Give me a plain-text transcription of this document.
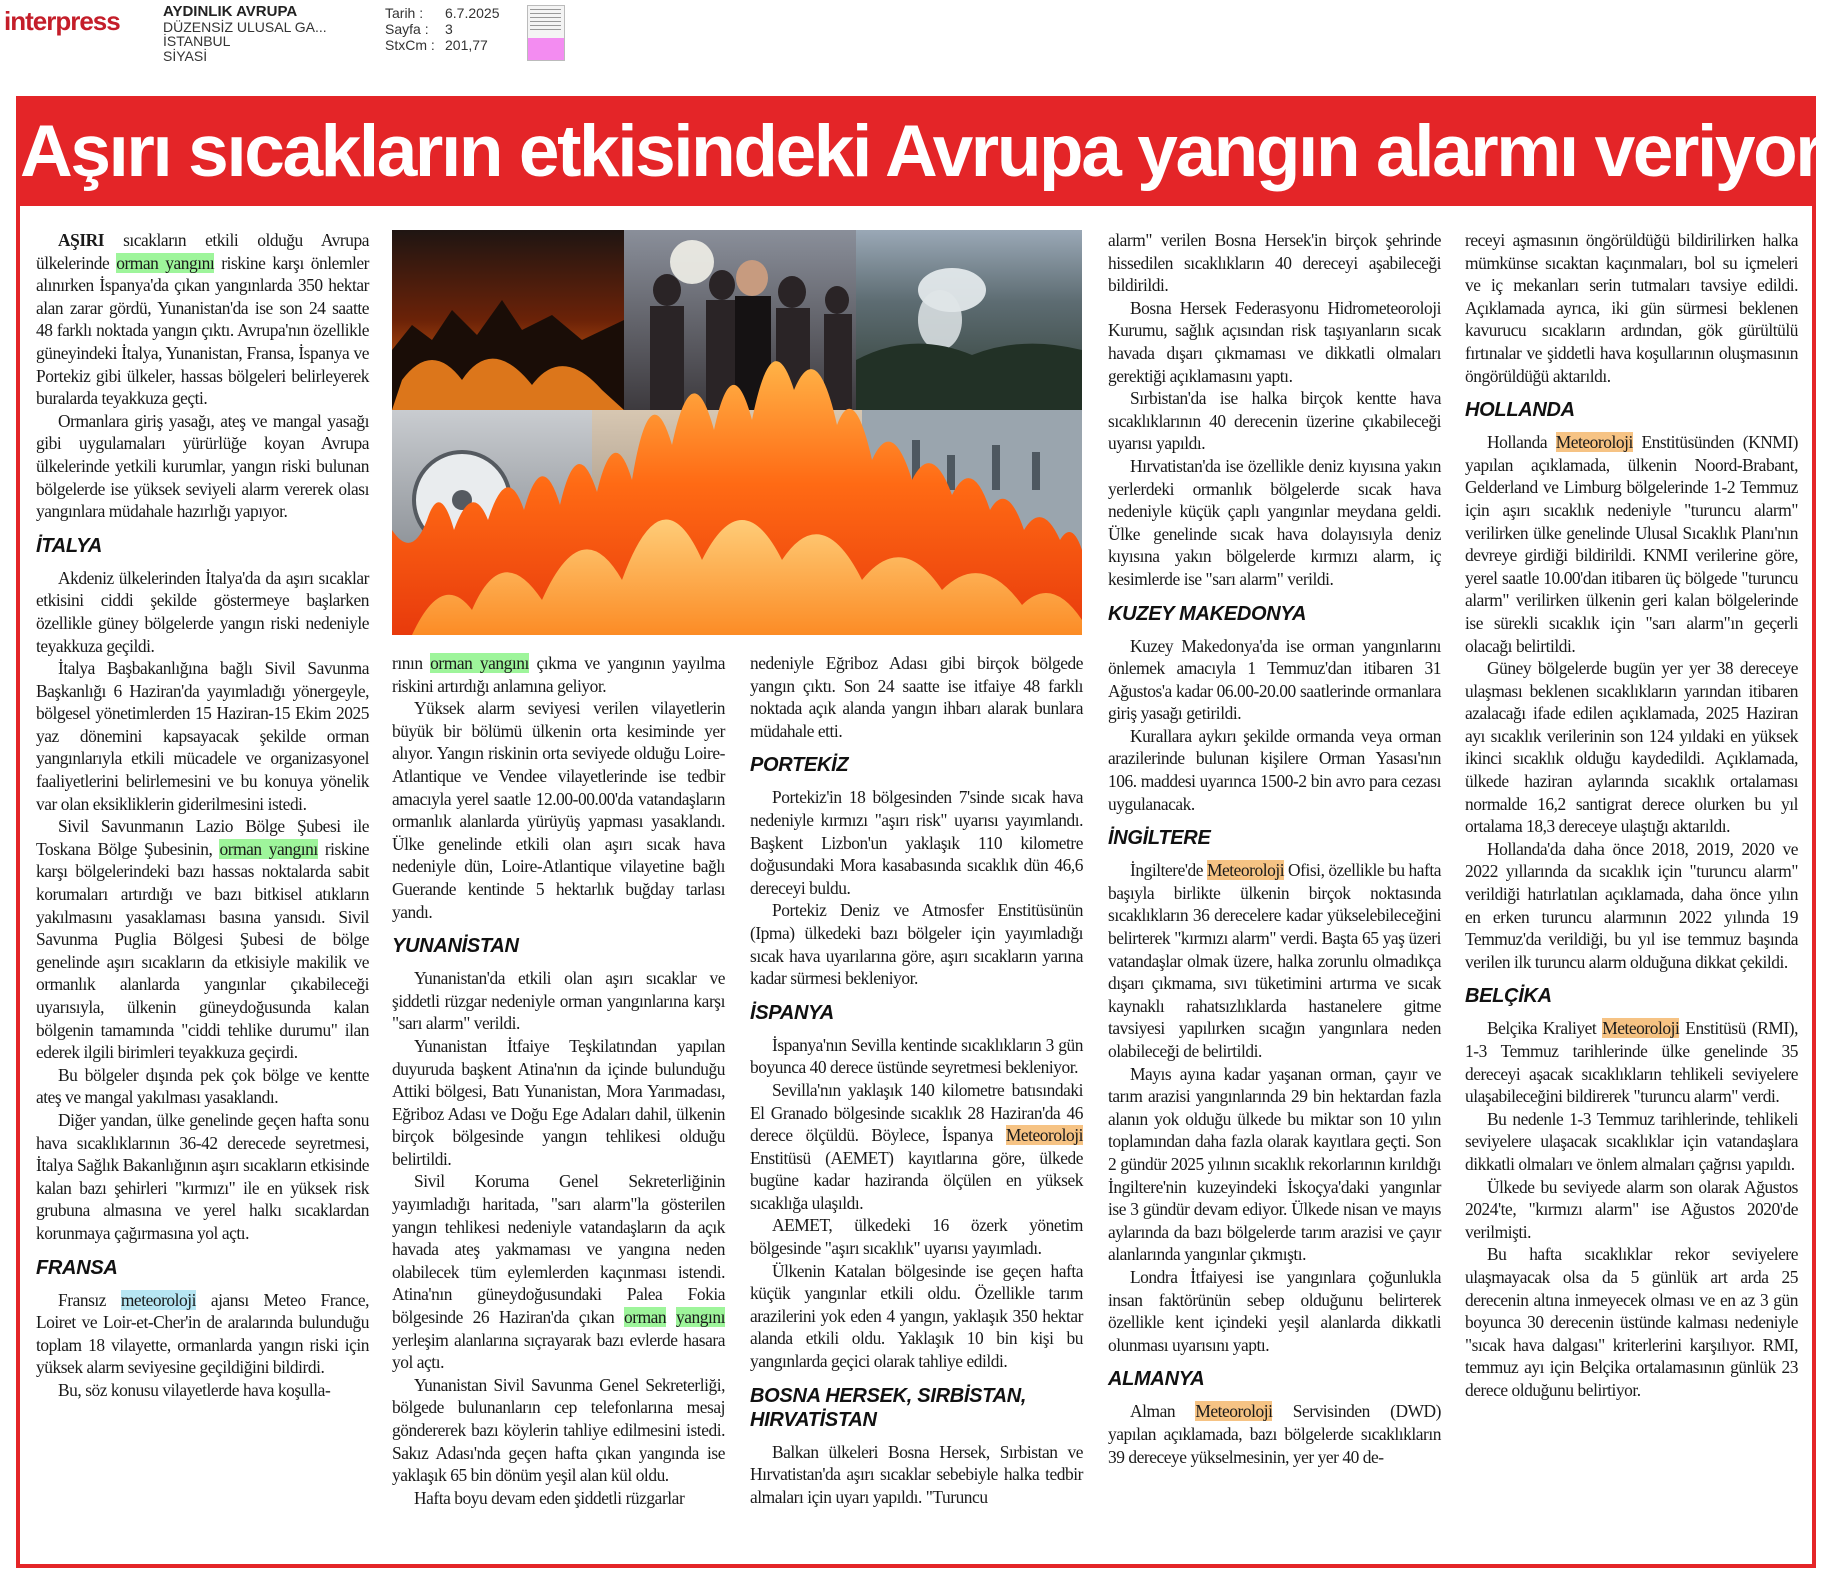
interpress	AYDINLIK AVRUPA
DÜZENSİZ ULUSAL GA...
İSTANBUL
SİYASİ
Tarih : 6.7.2025
Sayfa : 3
StxCm : 201,77
Aşırı sıcakların etkisindeki Avrupa yangın alarmı veriyor

AŞIRI sıcakların etkili olduğu Avrupa ülkelerinde orman yangını riskine karşı önlemler alınırken İspanya'da çıkan yangınlarda 350 hektar alan zarar gördü, Yunanistan'da ise son 24 saatte 48 farklı noktada yangın çıktı. Avrupa'nın özellikle güneyindeki İtalya, Yunanistan, Fransa, İspanya ve Portekiz gibi ülkeler, hassas bölgeleri belirleyerek buralarda teyakkuza geçti.

Ormanlara giriş yasağı, ateş ve mangal yasağı gibi uygulamaları yürürlüğe koyan Avrupa ülkelerinde yetkili kurumlar, yangın riski bulunan bölgelerde ise yüksek seviyeli alarm vererek olası yangınlara müdahale hazırlığı yapıyor.

İTALYA

Akdeniz ülkelerinden İtalya'da da aşırı sıcaklar etkisini ciddi şekilde göstermeye başlarken özellikle güney bölgelerde yangın riski nedeniyle teyakkuza geçildi.

İtalya Başbakanlığına bağlı Sivil Savunma Başkanlığı 6 Haziran'da yayımladığı yönergeyle, bölgesel yönetimlerden 15 Haziran-15 Ekim 2025 yaz dönemini kapsayacak şekilde orman yangınlarıyla etkili mücadele ve organizasyonel faaliyetlerini belirlemesini ve bu konuya yönelik var olan eksikliklerin giderilmesini istedi.

Sivil Savunmanın Lazio Bölge Şubesi ile Toskana Bölge Şubesinin, orman yangını riskine karşı bölgelerindeki bazı hassas noktalarda sabit korumaları artırdığı ve bazı bitkisel atıkların yakılmasını yasaklaması basına yansıdı. Sivil Savunma Puglia Bölgesi Şubesi de bölge genelinde aşırı sıcakların da etkisiyle makilik ve ormanlık alanlarda yangınlar çıkabileceği uyarısıyla, ülkenin güneydoğusunda kalan bölgenin tamamında "ciddi tehlike durumu" ilan ederek ilgili birimleri teyakkuza geçirdi.

Bu bölgeler dışında pek çok bölge ve kentte ateş ve mangal yakılması yasaklandı.

Diğer yandan, ülke genelinde geçen hafta sonu hava sıcaklıklarının 36-42 derecede seyretmesi, İtalya Sağlık Bakanlığının aşırı sıcakların etkisinde kalan bazı şehirleri "kırmızı" ile en yüksek risk grubuna almasına ve yerel halkı sıcaklardan korunmaya çağırmasına yol açtı.

FRANSA

Fransız meteoroloji ajansı Meteo France, Loiret ve Loir-et-Cher'in de aralarında bulunduğu toplam 18 vilayette, ormanlarda yangın riski için yüksek alarm seviyesine geçildiğini bildirdi.

Bu, söz konusu vilayetlerde hava koşulla-

rının orman yangını çıkma ve yangının yayılma riskini artırdığı anlamına geliyor.

Yüksek alarm seviyesi verilen vilayetlerin büyük bir bölümü ülkenin orta kesiminde yer alıyor. Yangın riskinin orta seviyede olduğu Loire-Atlantique ve Vendee vilayetlerinde ise tedbir amacıyla yerel saatle 12.00-00.00'da vatandaşların ormanlık alanlarda yürüyüş yapması yasaklandı. Ülke genelinde etkili olan aşırı sıcak hava nedeniyle dün, Loire-Atlantique vilayetine bağlı Guerande kentinde 5 hektarlık buğday tarlası yandı.

YUNANİSTAN

Yunanistan'da etkili olan aşırı sıcaklar ve şiddetli rüzgar nedeniyle orman yangınlarına karşı "sarı alarm" verildi.

Yunanistan İtfaiye Teşkilatından yapılan duyuruda başkent Atina'nın da içinde bulunduğu Attiki bölgesi, Batı Yunanistan, Mora Yarımadası, Eğriboz Adası ve Doğu Ege Adaları dahil, ülkenin birçok bölgesinde yangın tehlikesi olduğu belirtildi.

Sivil Koruma Genel Sekreterliğinin yayımladığı haritada, "sarı alarm"la gösterilen yangın tehlikesi nedeniyle vatandaşların da açık havada ateş yakmaması ve yangına neden olabilecek tüm eylemlerden kaçınması istendi. Atina'nın güneydoğusundaki Palea Fokia bölgesinde 26 Haziran'da çıkan orman yangını yerleşim alanlarına sıçrayarak bazı evlerde hasara yol açtı.

Yunanistan Sivil Savunma Genel Sekreterliği, bölgede bulunanların cep telefonlarına mesaj göndererek bazı köylerin tahliye edilmesini istedi. Sakız Adası'nda geçen hafta çıkan yangında ise yaklaşık 65 bin dönüm yeşil alan kül oldu.

Hafta boyu devam eden şiddetli rüzgarlar

nedeniyle Eğriboz Adası gibi birçok bölgede yangın çıktı. Son 24 saatte ise itfaiye 48 farklı noktada açık alanda yangın ihbarı alarak bunlara müdahale etti.

PORTEKİZ

Portekiz'in 18 bölgesinden 7'sinde sıcak hava nedeniyle kırmızı "aşırı risk" uyarısı yayımlandı. Başkent Lizbon'un yaklaşık 110 kilometre doğusundaki Mora kasabasında sıcaklık dün 46,6 dereceyi buldu.

Portekiz Deniz ve Atmosfer Enstitüsünün (Ipma) ülkedeki bazı bölgeler için yayımladığı sıcak hava uyarılarına göre, aşırı sıcakların yarına kadar sürmesi bekleniyor.

İSPANYA

İspanya'nın Sevilla kentinde sıcaklıkların 3 gün boyunca 40 derece üstünde seyretmesi bekleniyor.

Sevilla'nın yaklaşık 140 kilometre batısındaki El Granado bölgesinde sıcaklık 28 Haziran'da 46 derece ölçüldü. Böylece, İspanya Meteoroloji Enstitüsü (AEMET) kayıtlarına göre, ülkede bugüne kadar haziranda ölçülen en yüksek sıcaklığa ulaşıldı.

AEMET, ülkedeki 16 özerk yönetim bölgesinde "aşırı sıcaklık" uyarısı yayımladı.

Ülkenin Katalan bölgesinde ise geçen hafta küçük yangınlar etkili oldu. Özellikle tarım arazilerini yok eden 4 yangın, yaklaşık 350 hektar alanda etkili oldu. Yaklaşık 10 bin kişi bu yangınlarda geçici olarak tahliye edildi.

BOSNA HERSEK, SIRBİSTAN, HIRVATİSTAN

Balkan ülkeleri Bosna Hersek, Sırbistan ve Hırvatistan'da aşırı sıcaklar sebebiyle halka tedbir almaları için uyarı yapıldı. "Turuncu

alarm" verilen Bosna Hersek'in birçok şehrinde hissedilen sıcaklıkların 40 dereceyi aşabileceği bildirildi.

Bosna Hersek Federasyonu Hidrometeoroloji Kurumu, sağlık açısından risk taşıyanların sıcak havada dışarı çıkmaması ve dikkatli olmaları gerektiği açıklamasını yaptı.

Sırbistan'da ise halka birçok kentte hava sıcaklıklarının 40 derecenin üzerine çıkabileceği uyarısı yapıldı.

Hırvatistan'da ise özellikle deniz kıyısına yakın yerlerdeki ormanlık bölgelerde sıcak hava nedeniyle küçük çaplı yangınlar meydana geldi. Ülke genelinde sıcak hava dolayısıyla deniz kıyısına yakın bölgelerde kırmızı alarm, iç kesimlerde ise "sarı alarm" verildi.

KUZEY MAKEDONYA

Kuzey Makedonya'da ise orman yangınlarını önlemek amacıyla 1 Temmuz'dan itibaren 31 Ağustos'a kadar 06.00-20.00 saatlerinde ormanlara giriş yasağı getirildi.

Kurallara aykırı şekilde ormanda veya orman arazilerinde bulunan kişilere Orman Yasası'nın 106. maddesi uyarınca 1500-2 bin avro para cezası uygulanacak.

İNGİLTERE

İngiltere'de Meteoroloji Ofisi, özellikle bu hafta başıyla birlikte ülkenin birçok noktasında sıcaklıkların 36 derecelere kadar yükselebileceğini belirterek "kırmızı alarm" verdi. Başta 65 yaş üzeri vatandaşlar olmak üzere, halka zorunlu olmadıkça dışarı çıkmama, sıvı tüketimini artırma ve sıcak kaynaklı rahatsızlıklarda hastanelere gitme tavsiyesi yapılırken sıcağın yangınlara neden olabileceği de belirtildi.

Mayıs ayına kadar yaşanan orman, çayır ve tarım arazisi yangınlarında 29 bin hektardan fazla alanın yok olduğu ülkede bu miktar son 10 yılın toplamından daha fazla olarak kayıtlara geçti. Son 2 gündür 2025 yılının sıcaklık rekorlarının kırıldığı İngiltere'nin kuzeyindeki İskoçya'daki yangınlar ise 3 gündür devam ediyor. Ülkede nisan ve mayıs aylarında da bazı bölgelerde tarım arazisi ve çayır alanlarında yangınlar çıkmıştı.

Londra İtfaiyesi ise yangınlara çoğunlukla insan faktörünün sebep olduğunu belirterek özellikle kent içindeki yeşil alanlarda dikkatli olunması uyarısını yaptı.

ALMANYA

Alman Meteoroloji Servisinden (DWD) yapılan açıklamada, bazı bölgelerde sıcaklıkların 39 dereceye yükselmesinin, yer yer 40 de-

receyi aşmasının öngörüldüğü bildirilirken halka mümkünse sıcaktan kaçınmaları, bol su içmeleri ve iç mekanları serin tutmaları tavsiye edildi. Açıklamada ayrıca, iki gün sürmesi beklenen kavurucu sıcakların ardından, gök gürültülü fırtınalar ve şiddetli hava koşullarının oluşmasının öngörüldüğü aktarıldı.

HOLLANDA

Hollanda Meteoroloji Enstitüsünden (KNMI) yapılan açıklamada, ülkenin Noord-Brabant, Gelderland ve Limburg bölgelerinde 1-2 Temmuz için aşırı sıcaklık nedeniyle "turuncu alarm" verilirken ülke genelinde Ulusal Sıcaklık Planı'nın devreye girdiği bildirildi. KNMI verilerine göre, yerel saatle 10.00'dan itibaren üç bölgede "turuncu alarm" verilirken ülkenin geri kalan bölgelerinde ise sürekli sıcaklık için "sarı alarm"ın geçerli olacağı belirtildi.

Güney bölgelerde bugün yer yer 38 dereceye ulaşması beklenen sıcaklıkların yarından itibaren azalacağı ifade edilen açıklamada, 2025 Haziran ayı sıcaklık verilerinin son 124 yıldaki en yüksek ikinci sıcaklık olduğu kaydedildi. Açıklamada, ülkede haziran aylarında sıcaklık ortalaması normalde 16,2 santigrat derece olurken bu yıl ortalama 18,3 dereceye ulaştığı aktarıldı.

Hollanda'da daha önce 2018, 2019, 2020 ve 2022 yıllarında da sıcaklık için "turuncu alarm" verildiği hatırlatılan açıklamada, daha önce yılın en erken turuncu alarmının 2022 yılında 19 Temmuz'da verildiği, bu yıl ise temmuz başında verilen ilk turuncu alarm olduğuna dikkat çekildi.

BELÇİKA

Belçika Kraliyet Meteoroloji Enstitüsü (RMI), 1-3 Temmuz tarihlerinde ülke genelinde 35 dereceyi aşacak sıcaklıkların tehlikeli seviyelere ulaşabileceğini bildirerek "turuncu alarm" verdi.

Bu nedenle 1-3 Temmuz tarihlerinde, tehlikeli seviyelere ulaşacak sıcaklıklar için vatandaşlara dikkatli olmaları ve önlem almaları çağrısı yapıldı.

Ülkede bu seviyede alarm son olarak Ağustos 2024'te, "kırmızı alarm" ise Ağustos 2020'de verilmişti.

Bu hafta sıcaklıklar rekor seviyelere ulaşmayacak olsa da 5 günlük art arda 25 derecenin altına inmeyecek olması ve en az 3 gün boyunca 30 derecenin üstünde kalması nedeniyle "sıcak hava dalgası" kriterlerini karşılıyor. RMI, temmuz ayı için Belçika ortalamasının günlük 23 derece olduğunu belirtiyor.
